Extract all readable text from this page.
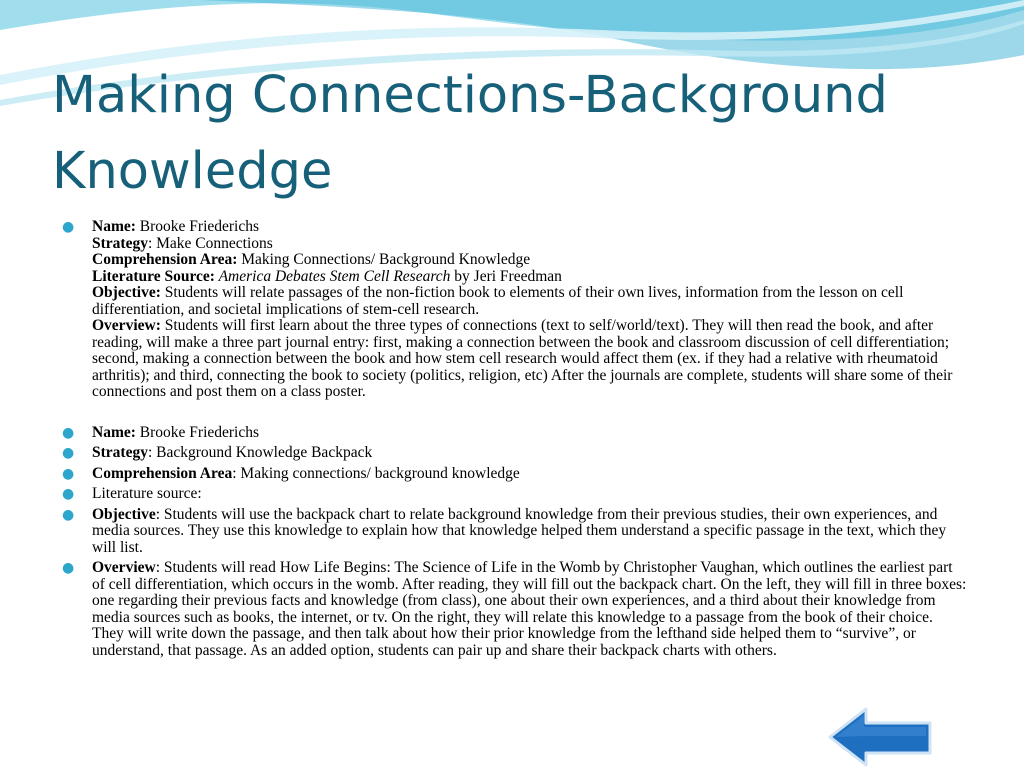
Making Connections-Background Knowledge
● Name: Brooke Friederichs
Strategy: Make Connections
Comprehension Area: Making Connections/ Background Knowledge
Literature Source: America Debates Stem Cell Research by Jeri Freedman
Objective: Students will relate passages of the non-fiction book to elements of their own lives, information from the lesson on cell differentiation, and societal implications of stem-cell research.
Overview: Students will first learn about the three types of connections (text to self/world/text). They will then read the book, and after reading, will make a three part journal entry: first, making a connection between the book and classroom discussion of cell differentiation; second, making a connection between the book and how stem cell research would affect them (ex. if they had a relative with rheumatoid arthritis); and third, connecting the book to society (politics, religion, etc) After the journals are complete, students will share some of their connections and post them on a class poster.
● Name: Brooke Friederichs
● Strategy: Background Knowledge Backpack
● Comprehension Area: Making connections/ background knowledge
● Literature source:
● Objective: Students will use the backpack chart to relate background knowledge from their previous studies, their own experiences, and media sources. They use this knowledge to explain how that knowledge helped them understand a specific passage in the text, which they will list.
● Overview: Students will read How Life Begins: The Science of Life in the Womb by Christopher Vaughan, which outlines the earliest part of cell differentiation, which occurs in the womb. After reading, they will fill out the backpack chart. On the left, they will fill in three boxes: one regarding their previous facts and knowledge (from class), one about their own experiences, and a third about their knowledge from media sources such as books, the internet, or tv. On the right, they will relate this knowledge to a passage from the book of their choice. They will write down the passage, and then talk about how their prior knowledge from the lefthand side helped them to “survive”, or understand, that passage. As an added option, students can pair up and share their backpack charts with others.
